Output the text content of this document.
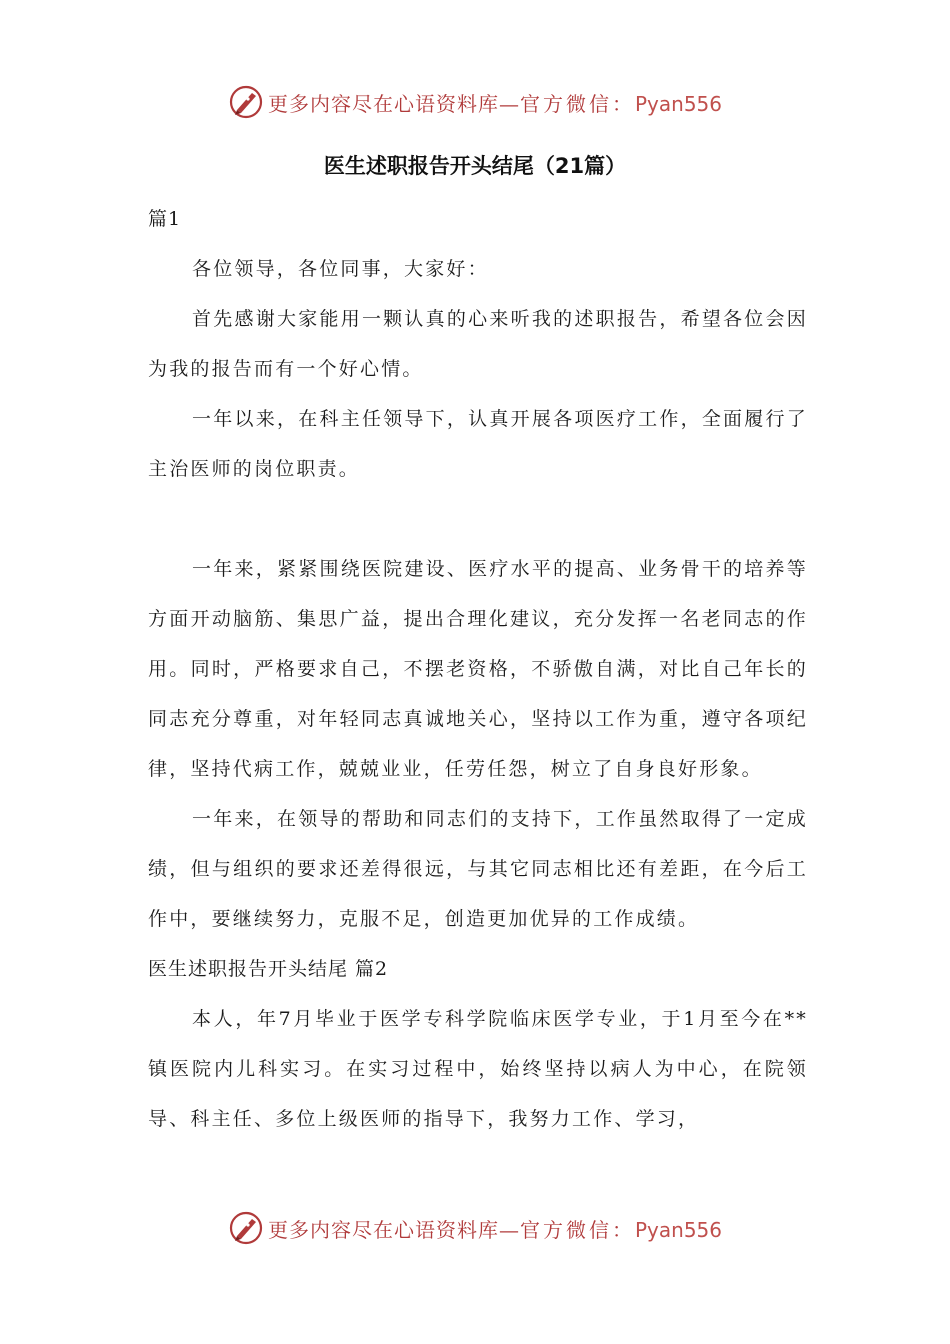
更多内容尽在心语资料库—官方微信：Pyan556
医生述职报告开头结尾（21篇）

篇1

各位领导，各位同事，大家好：

首先感谢大家能用一颗认真的心来听我的述职报告，希望各位会因为我的报告而有一个好心情。

一年以来，在科主任领导下，认真开展各项医疗工作，全面履行了主治医师的岗位职责。

一年来，紧紧围绕医院建设、医疗水平的提高、业务骨干的培养等方面开动脑筋、集思广益，提出合理化建议，充分发挥一名老同志的作用。同时，严格要求自己，不摆老资格，不骄傲自满，对比自己年长的同志充分尊重，对年轻同志真诚地关心，坚持以工作为重，遵守各项纪律，坚持代病工作，兢兢业业，任劳任怨，树立了自身良好形象。

一年来，在领导的帮助和同志们的支持下，工作虽然取得了一定成绩，但与组织的要求还差得很远，与其它同志相比还有差距，在今后工作中，要继续努力，克服不足，创造更加优异的工作成绩。

医生述职报告开头结尾 篇2

本人，年7月毕业于医学专科学院临床医学专业，于1月至今在**镇医院内儿科实习。在实习过程中，始终坚持以病人为中心，在院领导、科主任、多位上级医师的指导下，我努力工作、学习，

更多内容尽在心语资料库—官方微信：Pyan556
